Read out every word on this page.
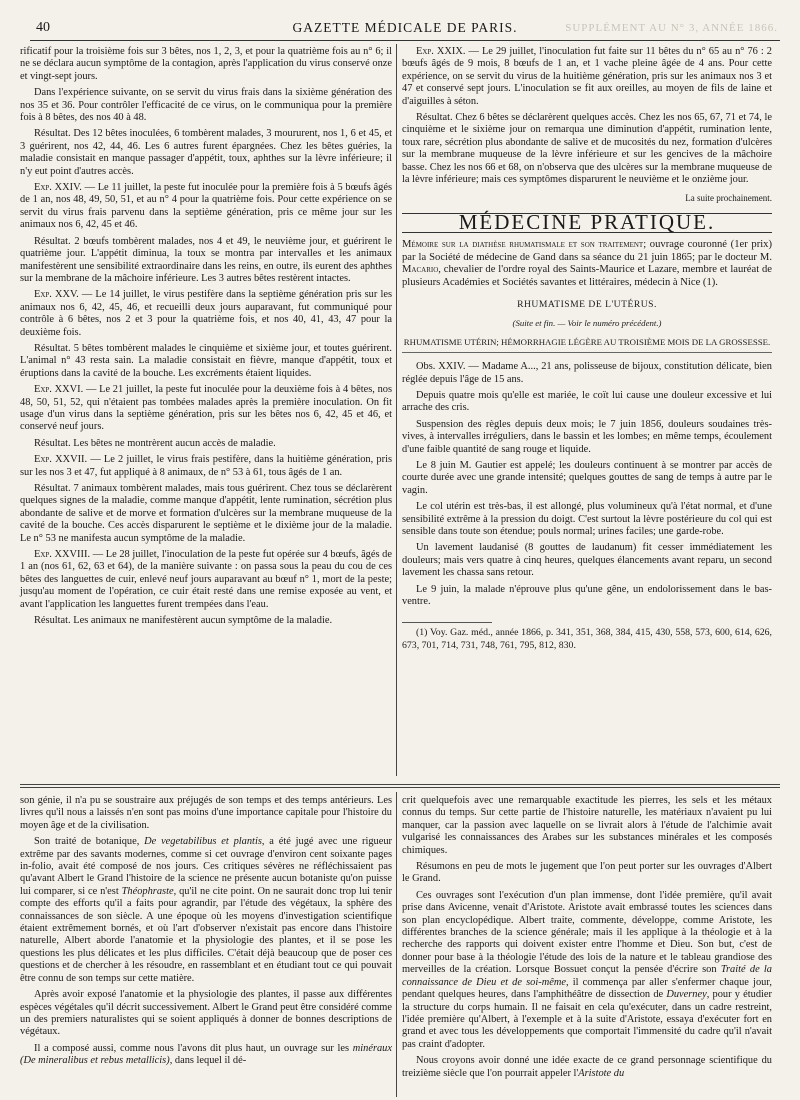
40	GAZETTE MÉDICALE DE PARIS.	SUPPLÉMENT AU N° 3, ANNÉE 1866.

rificatif pour la troisième fois sur 3 bêtes, nos 1, 2, 3, et pour la quatrième fois au n° 6; il ne se déclara aucun symptôme de la contagion, après l'application du virus conservé onze et vingt-sept jours.

Dans l'expérience suivante, on se servit du virus frais dans la sixième génération des nos 35 et 36. Pour contrôler l'efficacité de ce virus, on le communiqua pour la première fois à 8 bêtes, des nos 40 à 48.

Résultat. Des 12 bêtes inoculées, 6 tombèrent malades, 3 moururent, nos 1, 6 et 45, et 3 guérirent, nos 42, 44, 46. Les 6 autres furent épargnées. Chez les bêtes guéries, la maladie consistait en manque passager d'appétit, toux, aphthes sur la lèvre inférieure; il n'y eut point d'autres accès.

Exp. XXIV. — Le 11 juillet, la peste fut inoculée pour la première fois à 5 bœufs âgés de 1 an, nos 48, 49, 50, 51, et au n° 4 pour la quatrième fois. Pour cette expérience on se servit du virus frais parvenu dans la septième génération, pris ce même jour sur les animaux nos 6, 42, 45 et 46.

Résultat. 2 bœufs tombèrent malades, nos 4 et 49, le neuvième jour, et guérirent le quatrième jour. L'appétit diminua, la toux se montra par intervalles et les animaux manifestèrent une sensibilité extraordinaire dans les reins, en outre, ils eurent des aphthes sur la membrane de la mâchoire inférieure. Les 3 autres bêtes restèrent intactes.

Exp. XXV. — Le 14 juillet, le virus pestifère dans la septième génération pris sur les animaux nos 6, 42, 45, 46, et recueilli deux jours auparavant, fut communiqué pour contrôle à 6 bêtes, nos 2 et 3 pour la quatrième fois, et nos 40, 41, 43, 47 pour la deuxième fois.

Résultat. 5 bêtes tombèrent malades le cinquième et sixième jour, et toutes guérirent. L'animal n° 43 resta sain. La maladie consistait en fièvre, manque d'appétit, toux et éruptions dans la cavité de la bouche. Les excréments étaient liquides.

Exp. XXVI. — Le 21 juillet, la peste fut inoculée pour la deuxième fois à 4 bêtes, nos 48, 50, 51, 52, qui n'étaient pas tombées malades après la première inoculation. On fit usage d'un virus dans la septième génération, pris sur les bêtes nos 6, 42, 45 et 46, et conservé neuf jours.

Résultat. Les bêtes ne montrèrent aucun accès de maladie.

Exp. XXVII. — Le 2 juillet, le virus frais pestifère, dans la huitième génération, pris sur les nos 3 et 47, fut appliqué à 8 animaux, de n° 53 à 61, tous âgés de 1 an.

Résultat. 7 animaux tombèrent malades, mais tous guérirent. Chez tous se déclarèrent quelques signes de la maladie, comme manque d'appétit, lente rumination, sécrétion plus abondante de salive et de morve et formation d'ulcères sur la membrane muqueuse de la cavité de la bouche. Ces accès disparurent le septième et le dixième jour de la maladie. Le n° 53 ne manifesta aucun symptôme de la maladie.

Exp. XXVIII. — Le 28 juillet, l'inoculation de la peste fut opérée sur 4 bœufs, âgés de 1 an (nos 61, 62, 63 et 64), de la manière suivante : on passa sous la peau du cou de ces bêtes des languettes de cuir, enlevé neuf jours auparavant au bœuf n° 1, mort de la peste; jusqu'au moment de l'opération, ce cuir était resté dans une remise exposée au vent, et avant l'application les languettes furent trempées dans l'eau.

Résultat. Les animaux ne manifestèrent aucun symptôme de la maladie.

Exp. XXIX. — Le 29 juillet, l'inoculation fut faite sur 11 bêtes du n° 65 au n° 76 : 2 bœufs âgés de 9 mois, 8 bœufs de 1 an, et 1 vache pleine âgée de 4 ans. Pour cette expérience, on se servit du virus de la huitième génération, pris sur les animaux nos 3 et 47 et conservé sept jours. L'inoculation se fit aux oreilles, au moyen de fils de laine et d'aiguilles à séton.

Résultat. Chez 6 bêtes se déclarèrent quelques accès. Chez les nos 65, 67, 71 et 74, le cinquième et le sixième jour on remarqua une diminution d'appétit, rumination lente, toux rare, sécrétion plus abondante de salive et de mucosités du nez, formation d'ulcères sur la membrane muqueuse de la lèvre inférieure et sur les gencives de la mâchoire basse. Chez les nos 66 et 68, on n'observa que des ulcères sur la membrane muqueuse de la lèvre inférieure; mais ces symptômes disparurent le neuvième et le onzième jour.

La suite prochainement.

MÉDECINE PRATIQUE.

Mémoire sur la diathèse rhumatismale et son traitement; ouvrage couronné (1er prix) par la Société de médecine de Gand dans sa séance du 21 juin 1865; par le docteur M. Macario, chevalier de l'ordre royal des Saints-Maurice et Lazare, membre et lauréat de plusieurs Académies et Sociétés savantes et littéraires, médecin à Nice (1).

RHUMATISME DE L'UTÉRUS.

(Suite et fin. — Voir le numéro précédent.)

RHUMATISME UTÉRIN; HÉMORRHAGIE LÉGÈRE AU TROISIÈME MOIS DE LA GROSSESSE.

Obs. XXIV. — Madame A..., 21 ans, polisseuse de bijoux, constitution délicate, bien réglée depuis l'âge de 15 ans.

Depuis quatre mois qu'elle est mariée, le coït lui cause une douleur excessive et lui arrache des cris.

Suspension des règles depuis deux mois; le 7 juin 1856, douleurs soudaines très-vives, à intervalles irréguliers, dans le bassin et les lombes; en même temps, écoulement d'une faible quantité de sang rouge et liquide.

Le 8 juin M. Gautier est appelé; les douleurs continuent à se montrer par accès de courte durée avec une grande intensité; quelques gouttes de sang de temps à autre par le vagin.

Le col utérin est très-bas, il est allongé, plus volumineux qu'à l'état normal, et d'une sensibilité extrême à la pression du doigt. C'est surtout la lèvre postérieure du col qui est sensible dans toute son étendue; pouls normal; urines faciles; une garde-robe.

Un lavement laudanisé (8 gouttes de laudanum) fit cesser immédiatement les douleurs; mais vers quatre à cinq heures, quelques élancements avant reparu, un second lavement les chassa sans retour.

Le 9 juin, la malade n'éprouve plus qu'une gêne, un endolorissement dans le bas-ventre.

(1) Voy. Gaz. méd., année 1866, p. 341, 351, 368, 384, 415, 430, 558, 573, 600, 614, 626, 673, 701, 714, 731, 748, 761, 795, 812, 830.

son génie, il n'a pu se soustraire aux préjugés de son temps et des temps antérieurs. Les livres qu'il nous a laissés n'en sont pas moins d'une importance capitale pour l'histoire du moyen âge et de la civilisation.

Son traité de botanique, De vegetabilibus et plantis, a été jugé avec une rigueur extrême par des savants modernes, comme si cet ouvrage d'environ cent soixante pages in-folio, avait été composé de nos jours. Ces critiques sévères ne réfléchissaient pas qu'avant Albert le Grand l'histoire de la science ne présente aucun botaniste qu'on puisse lui comparer, si ce n'est Théophraste, qu'il ne cite point. On ne saurait donc trop lui tenir compte des efforts qu'il a faits pour agrandir, par l'étude des végétaux, la sphère des connaissances de son siècle. A une époque où les moyens d'investigation scientifique étaient extrêmement bornés, et où l'art d'observer n'existait pas encore dans l'histoire naturelle, Albert aborde l'anatomie et la physiologie des plantes, et il se pose les questions les plus délicates et les plus difficiles. C'était déjà beaucoup que de poser ces questions et de chercher à les résoudre, en rassemblant et en étudiant tout ce qui pouvait être connu de son temps sur cette matière.

Après avoir exposé l'anatomie et la physiologie des plantes, il passe aux différentes espèces végétales qu'il décrit successivement. Albert le Grand peut être considéré comme un des premiers naturalistes qui se soient appliqués à donner de bonnes descriptions de végétaux.

Il a composé aussi, comme nous l'avons dit plus haut, un ouvrage sur les minéraux (De mineralibus et rebus metallicis), dans lequel il dé-

crit quelquefois avec une remarquable exactitude les pierres, les sels et les métaux connus du temps. Sur cette partie de l'histoire naturelle, les matériaux n'avaient pu lui manquer, car la passion avec laquelle on se livrait alors à l'étude de l'alchimie avait vulgarisé les connaissances des Arabes sur les substances minérales et les composés chimiques.

Résumons en peu de mots le jugement que l'on peut porter sur les ouvrages d'Albert le Grand.

Ces ouvrages sont l'exécution d'un plan immense, dont l'idée première, qu'il avait prise dans Avicenne, venait d'Aristote. Aristote avait embrassé toutes les sciences dans son plan encyclopédique. Albert traite, commente, développe, comme Aristote, les différentes branches de la science générale; mais il les applique à la théologie et à la recherche des rapports qui doivent exister entre l'homme et Dieu. Son but, c'est de donner pour base à la théologie l'étude des lois de la nature et le tableau grandiose des merveilles de la création. Lorsque Bossuet conçut la pensée d'écrire son Traité de la connaissance de Dieu et de soi-même, il commença par aller s'enfermer chaque jour, pendant quelques heures, dans l'amphithéâtre de dissection de Duverney, pour y étudier la structure du corps humain. Il ne faisait en cela qu'exécuter, dans un cadre restreint, l'idée première qu'Albert, à l'exemple et à la suite d'Aristote, essaya d'exécuter fort en grand et avec tous les développements que comportait l'immensité du cadre qu'il n'avait pas craint d'adopter.

Nous croyons avoir donné une idée exacte de ce grand personnage scientifique du treizième siècle que l'on pourrait appeler l'Aristote du
